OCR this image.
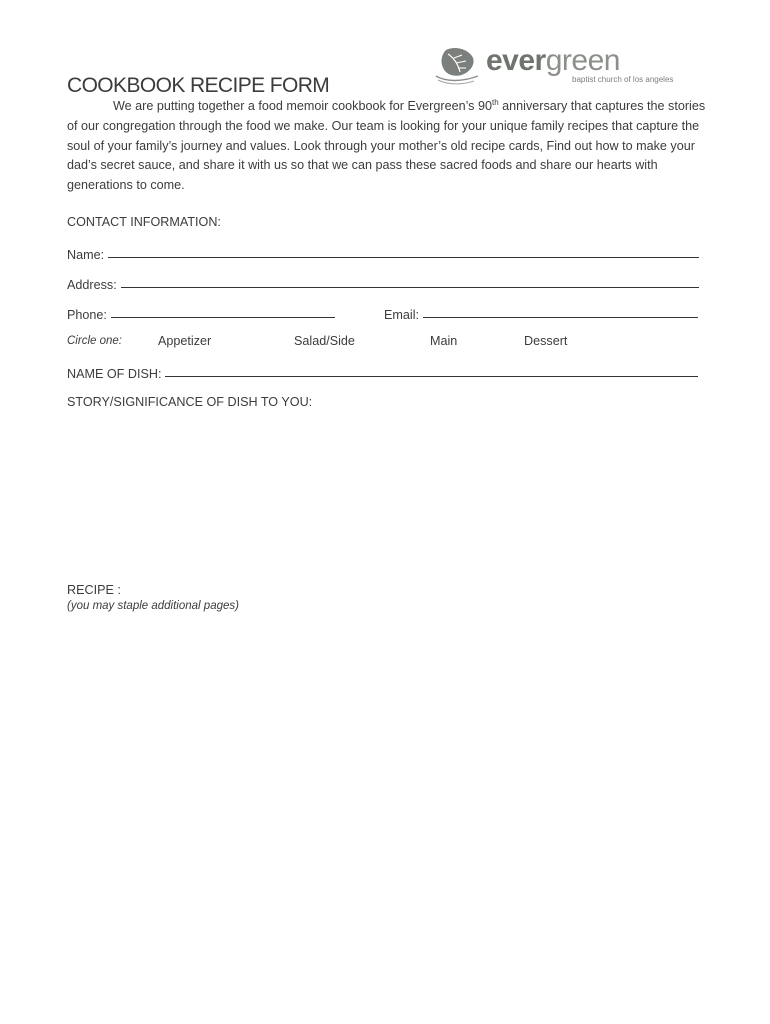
evergreen
baptist church of los angeles
COOKBOOK RECIPE FORM

We are putting together a food memoir cookbook for Evergreen’s 90th anniversary that captures the stories of our congregation through the food we make. Our team is looking for your unique family recipes that capture the soul of your family’s journey and values. Look through your mother’s old recipe cards, Find out how to make your dad’s secret sauce, and share it with us so that we can pass these sacred foods and share our hearts with generations to come.

CONTACT INFORMATION:
Name:
Address:
Phone:	Email:
Circle one:	Appetizer	Salad/Side	Main	Dessert
NAME OF DISH:
STORY/SIGNIFICANCE OF DISH TO YOU:
RECIPE :
(you may staple additional pages)
